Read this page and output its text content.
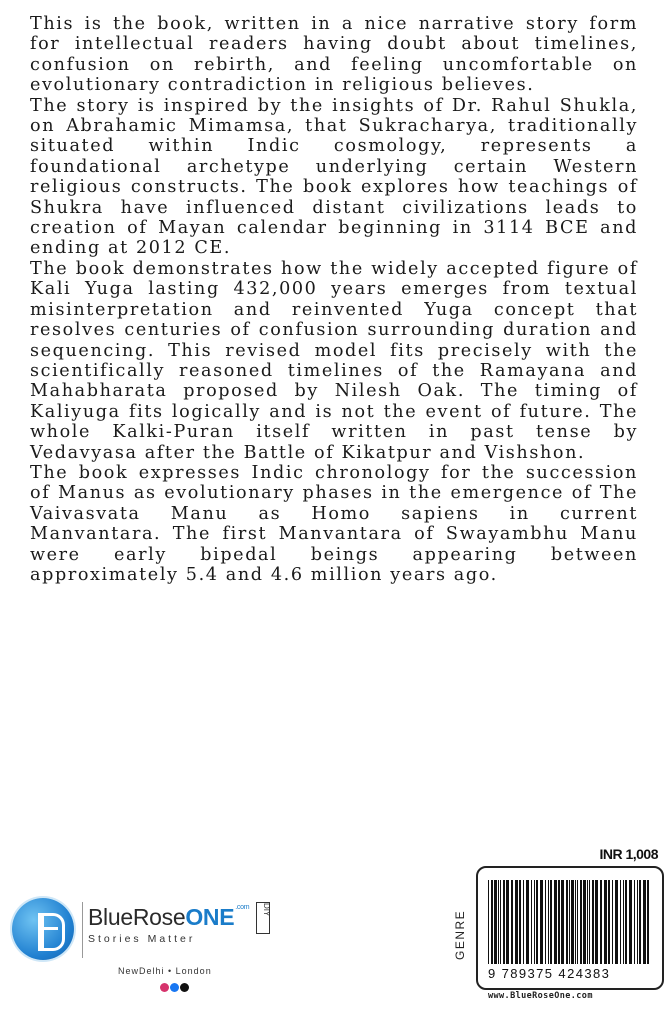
This is the book, written in a nice narrative story form for intellectual readers having doubt about timelines, confusion on rebirth, and feeling uncomfortable on evolutionary contradiction in religious believes.

The story is inspired by the insights of Dr. Rahul Shukla, on Abrahamic Mimamsa, that Sukracharya, traditionally situated within Indic cosmology, represents a foundational archetype underlying certain Western religious constructs. The book explores how teachings of Shukra have influenced distant civilizations leads to creation of Mayan calendar beginning in 3114 BCE and ending at 2012 CE.

The book demonstrates how the widely accepted figure of Kali Yuga lasting 432,000 years emerges from textual misinterpretation and reinvented Yuga concept that resolves centuries of confusion surrounding duration and sequencing. This revised model fits precisely with the scientifically reasoned timelines of the Ramayana and Mahabharata proposed by Nilesh Oak. The timing of Kaliyuga fits logically and is not the event of future. The whole Kalki-Puran itself written in past tense by Vedavyasa after the Battle of Kikatpur and Vishshon.

The book expresses Indic chronology for the succession of Manus as evolutionary phases in the emergence of The Vaivasvata Manu as Homo sapiens in current Manvantara. The first Manvantara of Swayambhu Manu were early bipedal beings appearing between approximately 5.4 and 4.6 million years ago.

BlueRoseONE$^{.com}$ DIY
Stories Matter
NewDelhi • London
INR 1,008
GENRE
9 789375 424383
www.BlueRoseOne.com
